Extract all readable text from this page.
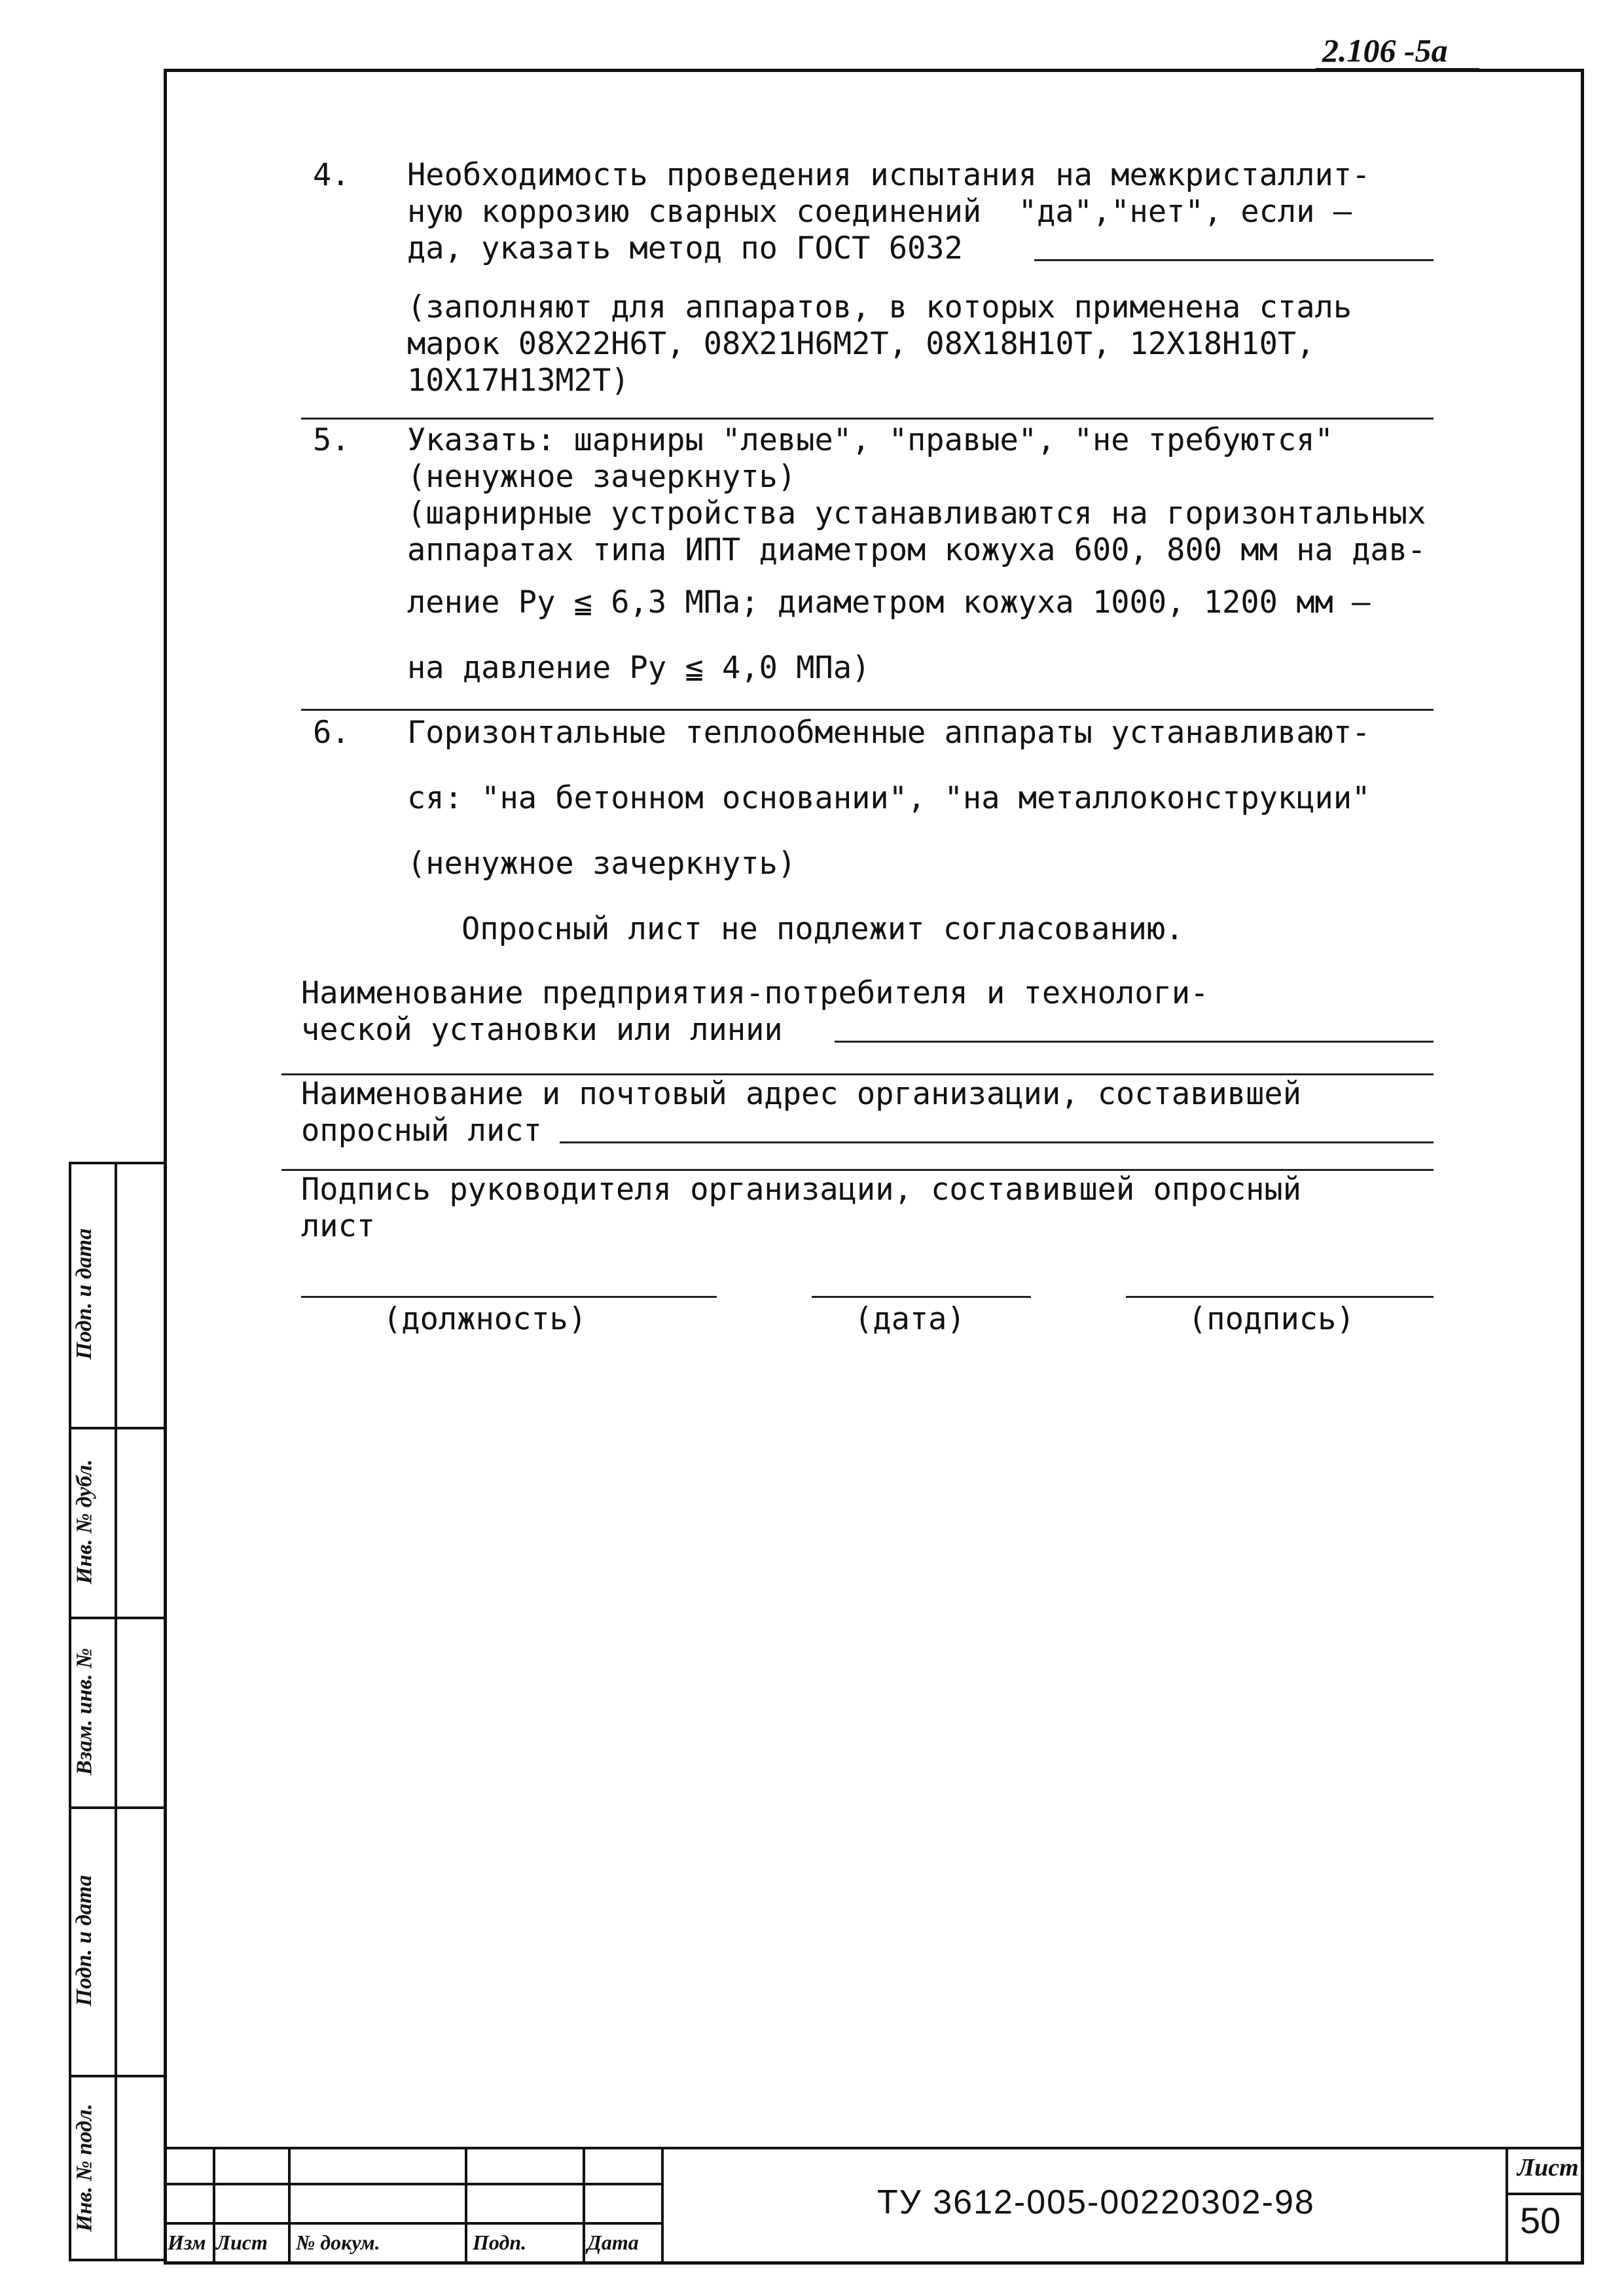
2.106 -5а
4. Необходимость проведения испытания на межкристаллит-
ную коррозию сварных соединений  "да","нет", если –
да, указать метод по ГОСТ 6032
(заполняют для аппаратов, в которых применена сталь
марок 08Х22Н6Т, 08Х21Н6М2Т, 08Х18Н10Т, 12Х18Н10Т,
10Х17Н13М2Т)
5. Указать: шарниры "левые", "правые", "не требуются"
(ненужное зачеркнуть)
(шарнирные устройства устанавливаются на горизонтальных
аппаратах типа ИПТ диаметром кожуха 600, 800 мм на дав-
ление Ру ≦ 6,3 МПа; диаметром кожуха 1000, 1200 мм –
на давление Ру ≦ 4,0 МПа)
6. Горизонтальные теплообменные аппараты устанавливают-
ся: "на бетонном основании", "на металлоконструкции"
(ненужное зачеркнуть)
Опросный лист не подлежит согласованию.
Наименование предприятия-потребителя и технологи-
ческой установки или линии
Наименование и почтовый адрес организации, составившей
опросный лист
Подпись руководителя организации, составившей опросный
лист
(должность)	(дата)	(подпись)
Подп. и дата
Инв. № дубл.
Взам. инв. №
Подп. и дата
Инв. № подл.
Изм Лист № докум.	Подп.	Дата
ТУ 3612-005-00220302-98
Лист
50
